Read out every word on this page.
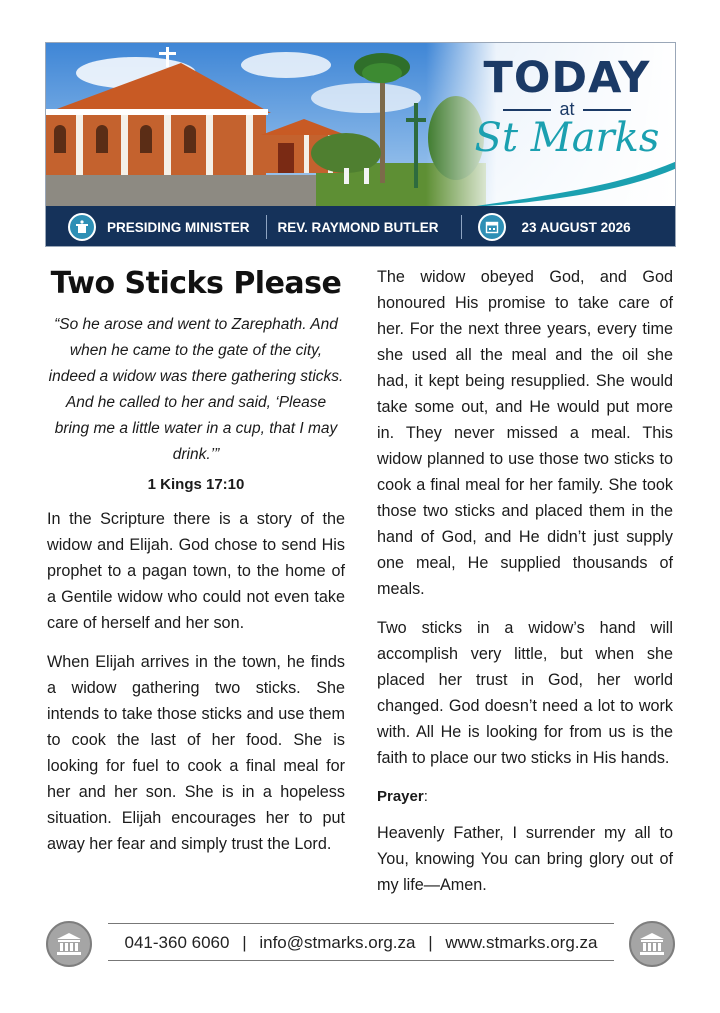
TODAY
at
St Marks
PRESIDING MINISTER REV. RAYMOND BUTLER	23 AUGUST 2026
Two Sticks Please
“So he arose and went to Zarephath. And when he came to the gate of the city, indeed a widow was there gathering sticks. And he called to her and said, ‘Please bring me a little water in a cup, that I may drink.’”
1 Kings 17:10

In the Scripture there is a story of the widow and Elijah. God chose to send His prophet to a pagan town, to the home of a Gentile widow who could not even take care of herself and her son.

When Elijah arrives in the town, he finds a widow gathering two sticks. She intends to take those sticks and use them to cook the last of her food. She is looking for fuel to cook a final meal for her and her son. She is in a hopeless situation. Elijah encourages her to put away her fear and simply trust the Lord.

The widow obeyed God, and God honoured His promise to take care of her. For the next three years, every time she used all the meal and the oil she had, it kept being resupplied. She would take some out, and He would put more in. They never missed a meal. This widow planned to use those two sticks to cook a final meal for her family. She took those two sticks and placed them in the hand of God, and He didn’t just supply one meal, He supplied thousands of meals.

Two sticks in a widow’s hand will accomplish very little, but when she placed her trust in God, her world changed. God doesn’t need a lot to work with. All He is looking for from us is the faith to place our two sticks in His hands.

Prayer:

Heavenly Father, I surrender my all to You, knowing You can bring glory out of my life—Amen.

041-360 6060 | info@stmarks.org.za | www.stmarks.org.za
